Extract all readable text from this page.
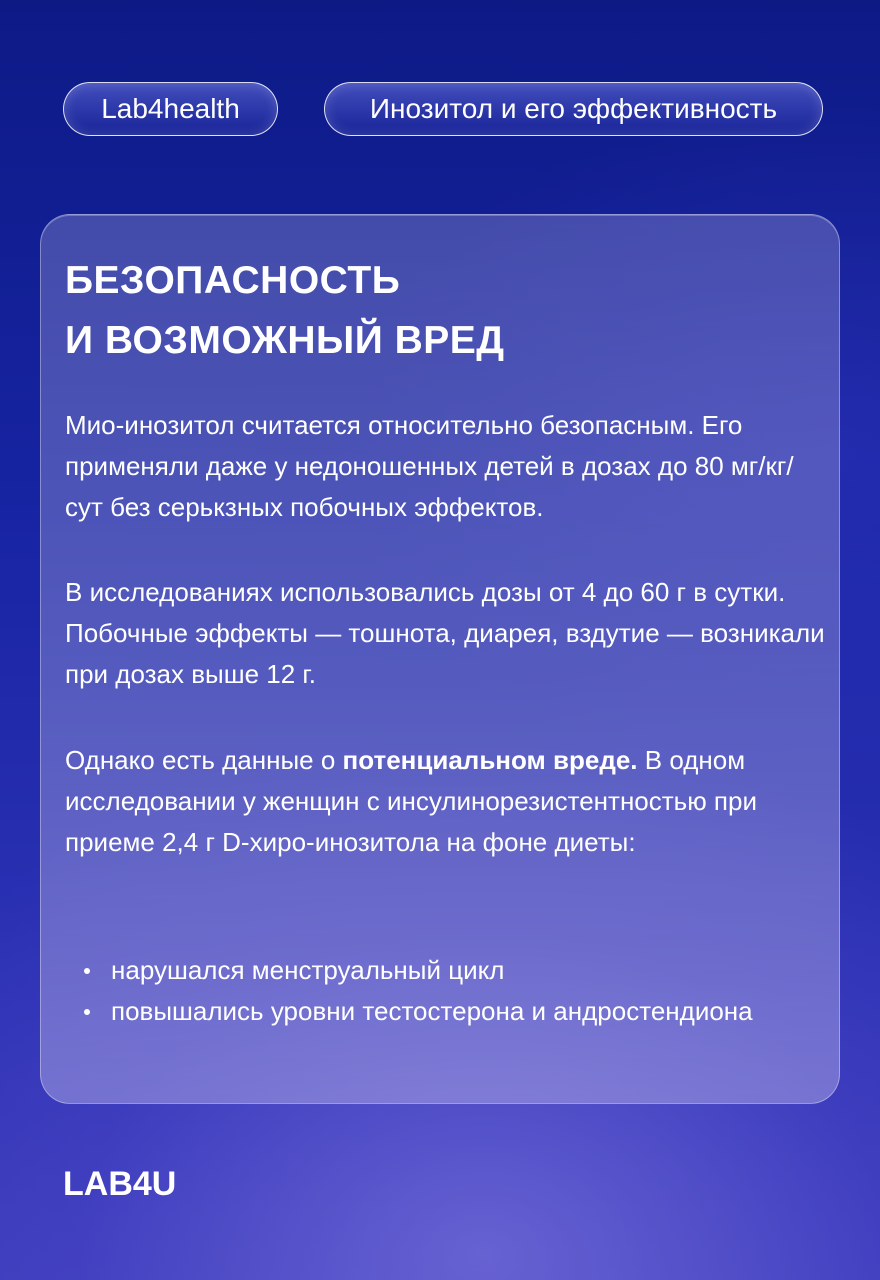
Lab4health	Инозитол и его эффективность
БЕЗОПАСНОСТЬ
И ВОЗМОЖНЫЙ ВРЕД

Мио-инозитол считается относительно безопасным. Его применяли даже у недоношенных детей в дозах до 80 мг/кг/сут без серькзных побочных эффектов.

В исследованиях использовались дозы от 4 до 60 г в сутки. Побочные эффекты — тошнота, диарея, вздутие — возникали при дозах выше 12 г.

Однако есть данные о потенциальном вреде. В одном исследовании у женщин с инсулинорезистентностью при приеме 2,4 г D-хиро-инозитола на фоне диеты:

нарушался менструальный цикл
повышались уровни тестостерона и андростендиона
LAB4U
